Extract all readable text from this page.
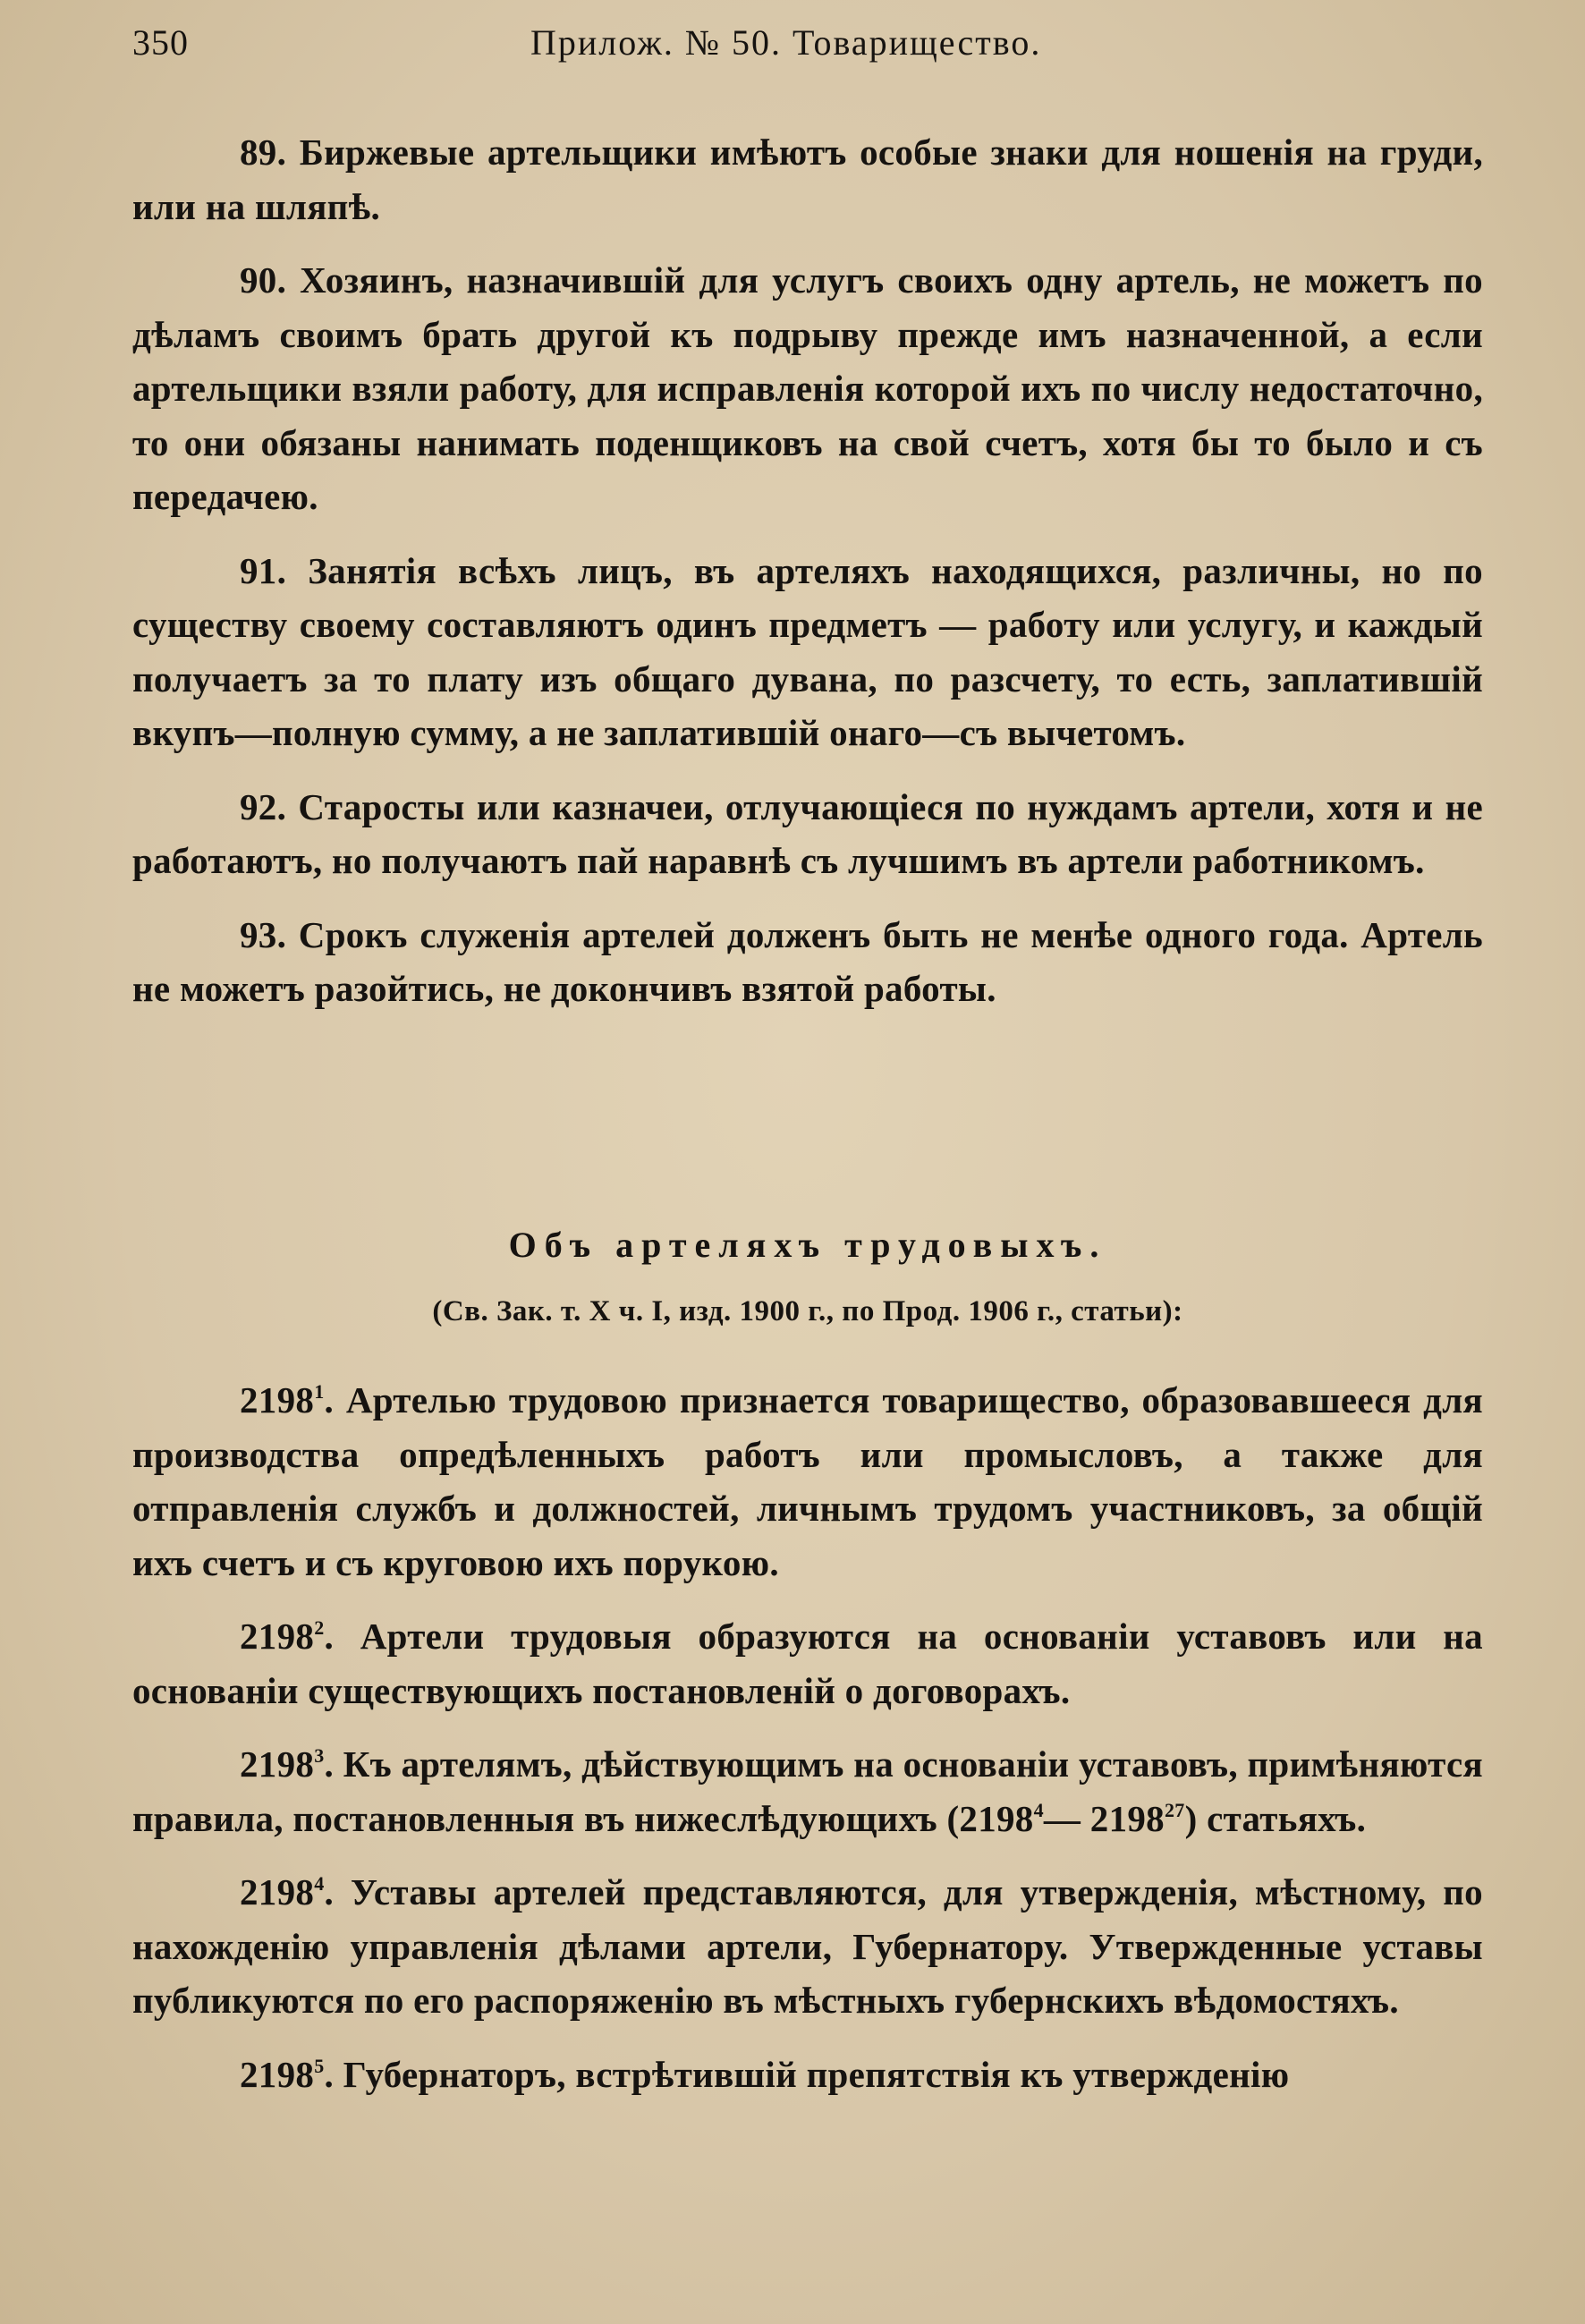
350	Прилож. № 50. Товарищество.

89. Биржевые артельщики имѣютъ особые знаки для ношенія на груди, или на шляпѣ.

90. Хозяинъ, назначившій для услугъ своихъ одну артель, не можетъ по дѣламъ своимъ брать другой къ подрыву прежде имъ назначенной, а если артельщики взяли работу, для исправленія которой ихъ по числу недостаточно, то они обязаны нанимать поденщиковъ на свой счетъ, хотя бы то было и съ передачею.

91. Занятія всѣхъ лицъ, въ артеляхъ находящихся, различны, но по существу своему составляютъ одинъ предметъ — работу или услугу, и каждый получаетъ за то плату изъ общаго дувана, по разсчету, то есть, заплатившій вкупъ—полную сумму, а не заплатившій онаго—съ вычетомъ.

92. Старосты или казначеи, отлучающіеся по нуждамъ артели, хотя и не работаютъ, но получаютъ пай наравнѣ съ лучшимъ въ артели работникомъ.

93. Срокъ служенія артелей долженъ быть не менѣе одного года. Артель не можетъ разойтись, не докончивъ взятой работы.

Объ артеляхъ трудовыхъ.
(Св. Зак. т. X ч. I, изд. 1900 г., по Прод. 1906 г., статьи):

2198$^1$. Артелью трудовою признается товарищество, образовавшееся для производства опредѣленныхъ работъ или промысловъ, а также для отправленія службъ и должностей, личнымъ трудомъ участниковъ, за общій ихъ счетъ и съ круговою ихъ порукою.

2198$^2$. Артели трудовыя образуются на основаніи уставовъ или на основаніи существующихъ постановленій о договорахъ.

2198$^3$. Къ артелямъ, дѣйствующимъ на основаніи уставовъ, примѣняются правила, постановленныя въ нижеслѣдующихъ (2198$^4$— 2198$^{27}$) статьяхъ.

2198$^4$. Уставы артелей представляются, для утвержденія, мѣстному, по нахожденію управленія дѣлами артели, Губернатору. Утвержденные уставы публикуются по его распоряженію въ мѣстныхъ губернскихъ вѣдомостяхъ.

2198$^5$. Губернаторъ, встрѣтившій препятствія къ утвержденію
